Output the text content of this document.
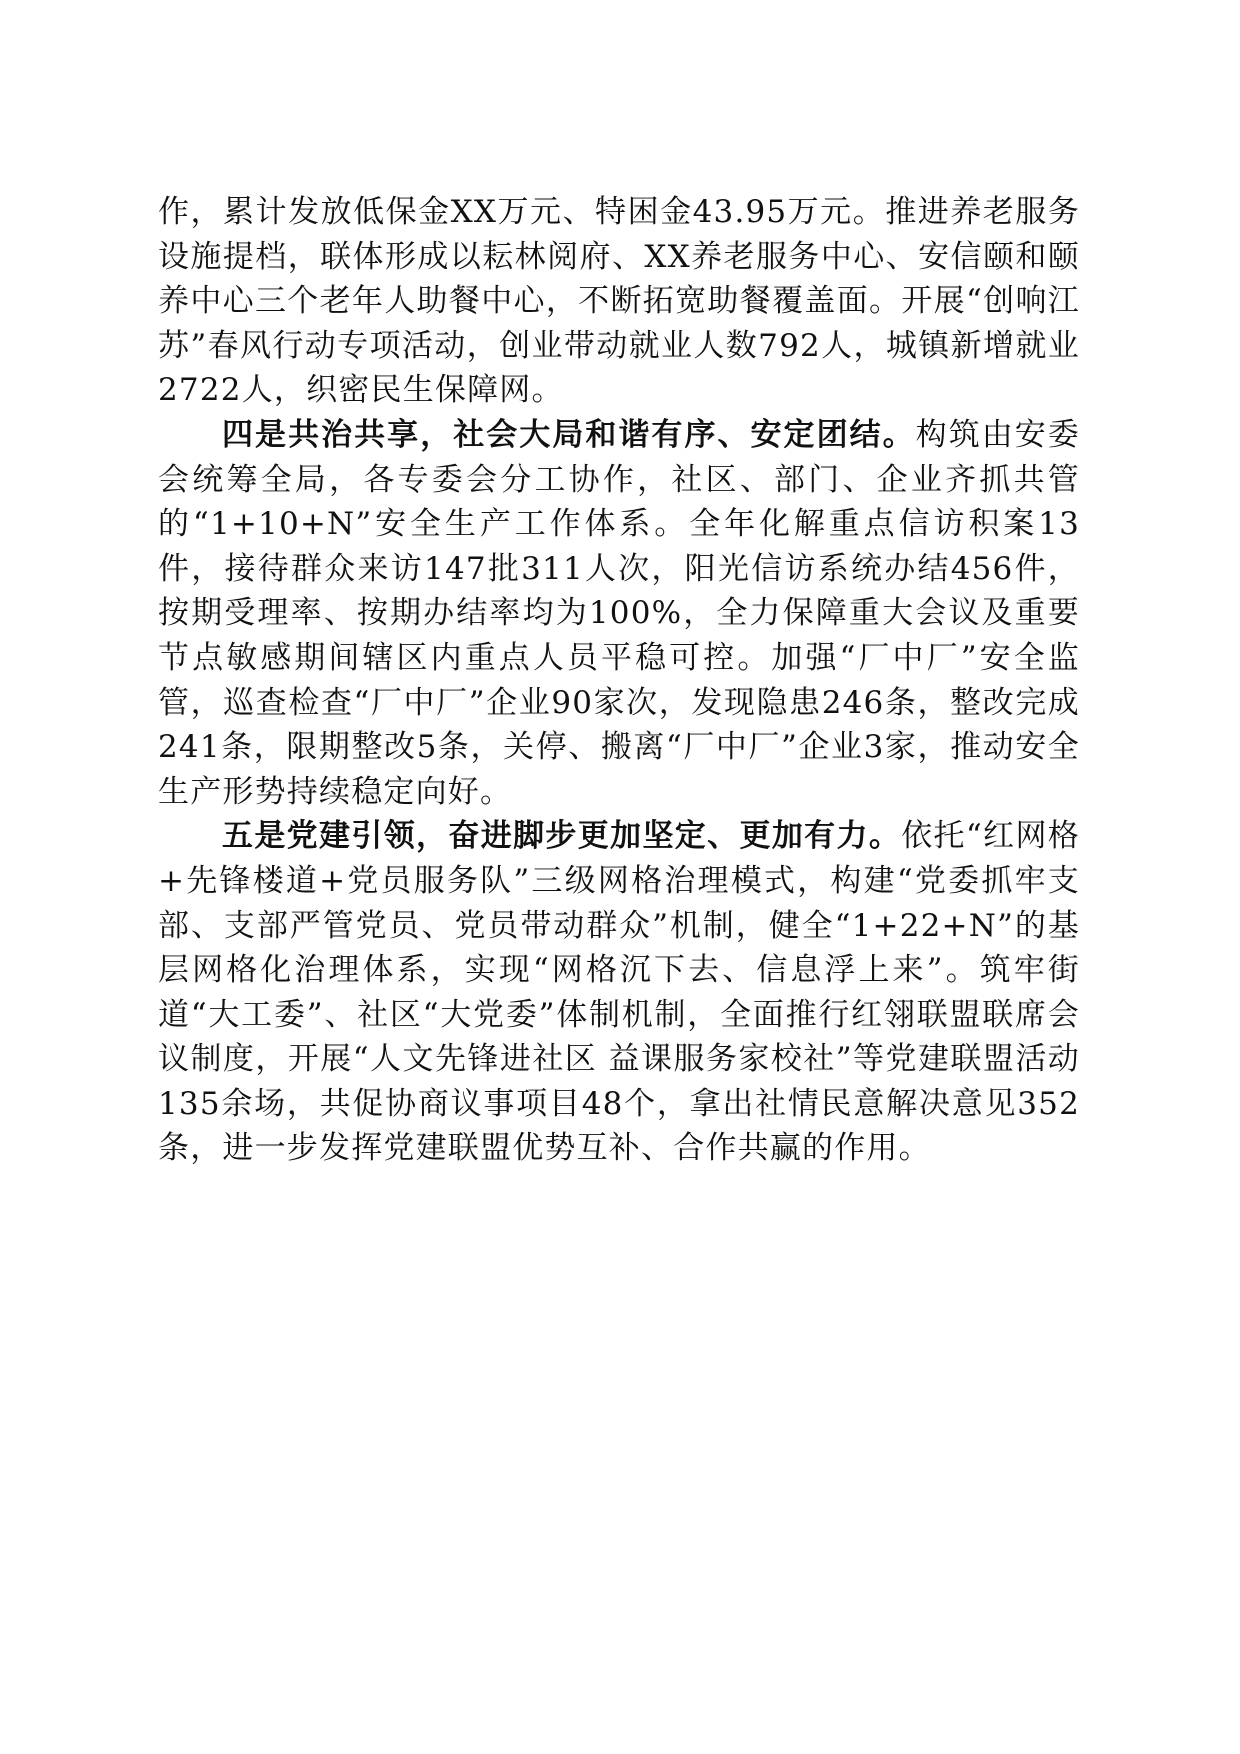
作，累计发放低保金XX万元、特困金43.95万元。推进养老服务设施提档，联体形成以耘林阅府、XX养老服务中心、安信颐和颐养中心三个老年人助餐中心，不断拓宽助餐覆盖面。开展“创响江苏”春风行动专项活动，创业带动就业人数792人，城镇新增就业2722人，织密民生保障网。

四是共治共享，社会大局和谐有序、安定团结。构筑由安委会统筹全局，各专委会分工协作，社区、部门、企业齐抓共管的“1+10+N”安全生产工作体系。全年化解重点信访积案13件，接待群众来访147批311人次，阳光信访系统办结456件，按期受理率、按期办结率均为100%，全力保障重大会议及重要节点敏感期间辖区内重点人员平稳可控。加强“厂中厂”安全监管，巡查检查“厂中厂”企业90家次，发现隐患246条，整改完成241条，限期整改5条，关停、搬离“厂中厂”企业3家，推动安全生产形势持续稳定向好。

五是党建引领，奋进脚步更加坚定、更加有力。依托“红网格+先锋楼道+党员服务队”三级网格治理模式，构建“党委抓牢支部、支部严管党员、党员带动群众”机制，健全“1+22+N”的基层网格化治理体系，实现“网格沉下去、信息浮上来”。筑牢街道“大工委”、社区“大党委”体制机制，全面推行红翎联盟联席会议制度，开展“人文先锋进社区 益课服务家校社”等党建联盟活动135余场，共促协商议事项目48个，拿出社情民意解决意见352条，进一步发挥党建联盟优势互补、合作共赢的作用。
